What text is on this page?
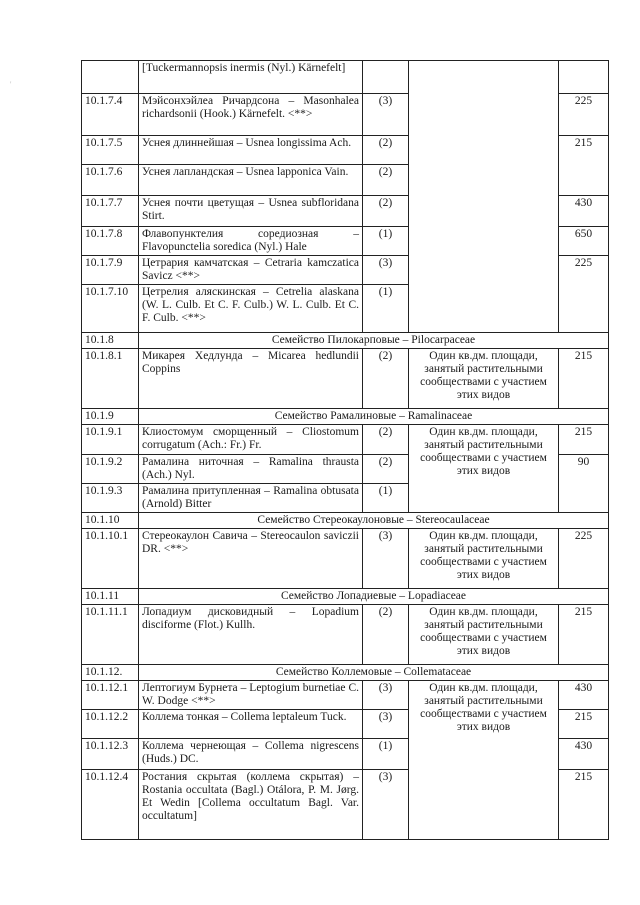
'
	[Tuckermannopsis inermis (Nyl.) Kärnefelt]			
10.1.7.4	Мэйсонхэйлеа Ричардсона – Masonhalea richardsonii (Hook.) Kärnefelt. <**>	(3)		225
10.1.7.5	Уснея длиннейшая – Usnea longissima Ach.	(2)		215
10.1.7.6	Уснея лапландская – Usnea lapponica Vain.	(2)		
10.1.7.7	Уснея почти цветущая – Usnea subfloridana Stirt.	(2)		430
10.1.7.8	Флавопунктелия соредиозная – Flavopunctelia soredica (Nyl.) Hale	(1)		650
10.1.7.9	Цетрария камчатская – Cetraria kamczatica Savicz <**>	(3)		225
10.1.7.10	Цетрелия аляскинская – Cetrelia alaskana (W. L. Culb. Et C. F. Culb.) W. L. Culb. Et C. F. Culb. <**>	(1)		
10.1.8	Семейство Пилокарповые – Pilocarpaceae			
10.1.8.1	Микарея Хедлунда – Micarea hedlundii Coppins	(2)	Один кв.дм. площади, занятый растительными сообществами с участием этих видов	215
10.1.9	Семейство Рамалиновые – Ramalinaceae			
10.1.9.1	Клиостомум сморщенный – Cliostomum corrugatum (Ach.: Fr.) Fr.	(2)	Один кв.дм. площади, занятый растительными сообществами с участием этих видов	215
10.1.9.2	Рамалина ниточная – Ramalina thrausta (Ach.) Nyl.	(2)		90
10.1.9.3	Рамалина притупленная – Ramalina obtusata (Arnold) Bitter	(1)		
10.1.10	Семейство Стереокаулоновые – Stereocaulaceae			
10.1.10.1	Стереокаулон Савича – Stereocaulon saviczii DR. <**>	(3)	Один кв.дм. площади, занятый растительными сообществами с участием этих видов	225
10.1.11	Семейство Лопадиевые – Lopadiaceae			
10.1.11.1	Лопадиум дисковидный – Lopadium disciforme (Flot.) Kullh.	(2)	Один кв.дм. площади, занятый растительными сообществами с участием этих видов	215
10.1.12.	Семейство Коллемовые – Collemataceae			
10.1.12.1	Лептогиум Бурнета – Leptogium burnetiae C. W. Dodge <**>	(3)	Один кв.дм. площади, занятый растительными сообществами с участием этих видов	430
10.1.12.2	Коллема тонкая – Collema leptaleum Tuck.	(3)		215
10.1.12.3	Коллема чернеющая – Collema nigrescens (Huds.) DC.	(1)		430
10.1.12.4	Ростания скрытая (коллема скрытая) – Rostania occultata (Bagl.) Otálora, P. M. Jørg. Et Wedin [Collema occultatum Bagl. Var. occultatum]	(3)		215
